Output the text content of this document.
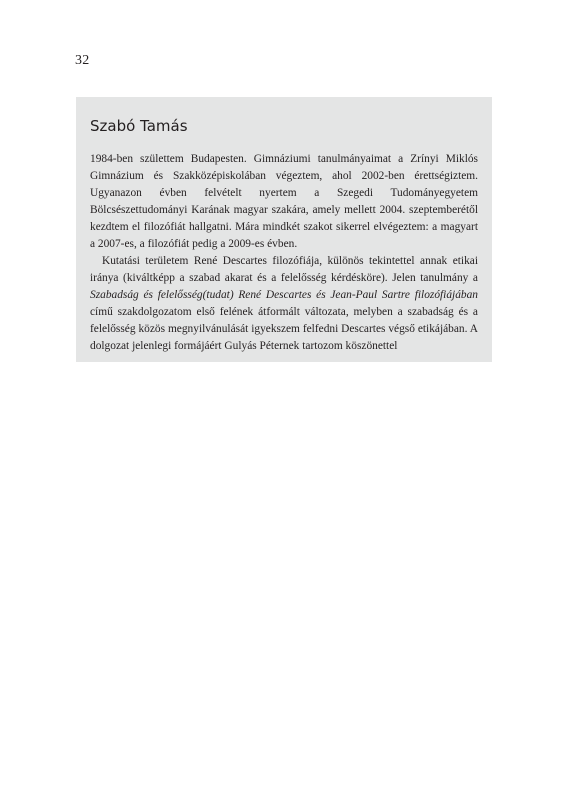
32
Szabó Tamás

1984-ben születtem Budapesten. Gimnáziumi tanulmányaimat a Zrínyi Miklós Gimnázium és Szakközépiskolában végeztem, ahol 2002-ben érettségiztem. Ugyanazon évben felvételt nyertem a Szegedi Tudományegyetem Bölcsészettudományi Karának magyar szakára, amely mellett 2004. szeptemberétől kezdtem el filozófiát hallgatni. Mára mindkét szakot sikerrel elvégeztem: a magyart a 2007-es, a filozófiát pedig a 2009-es évben.

Kutatási területem René Descartes filozófiája, különös tekintettel annak etikai iránya (kiváltképp a szabad akarat és a felelősség kérdésköre). Jelen tanulmány a Szabadság és felelősség(tudat) René Descartes és Jean-Paul Sartre filozófiájában című szakdolgozatom első felének átformált változata, melyben a szabadság és a felelősség közös megnyilvánulását igyekszem felfedni Descartes végső etikájában. A dolgozat jelenlegi formájáért Gulyás Péternek tartozom köszönettel
